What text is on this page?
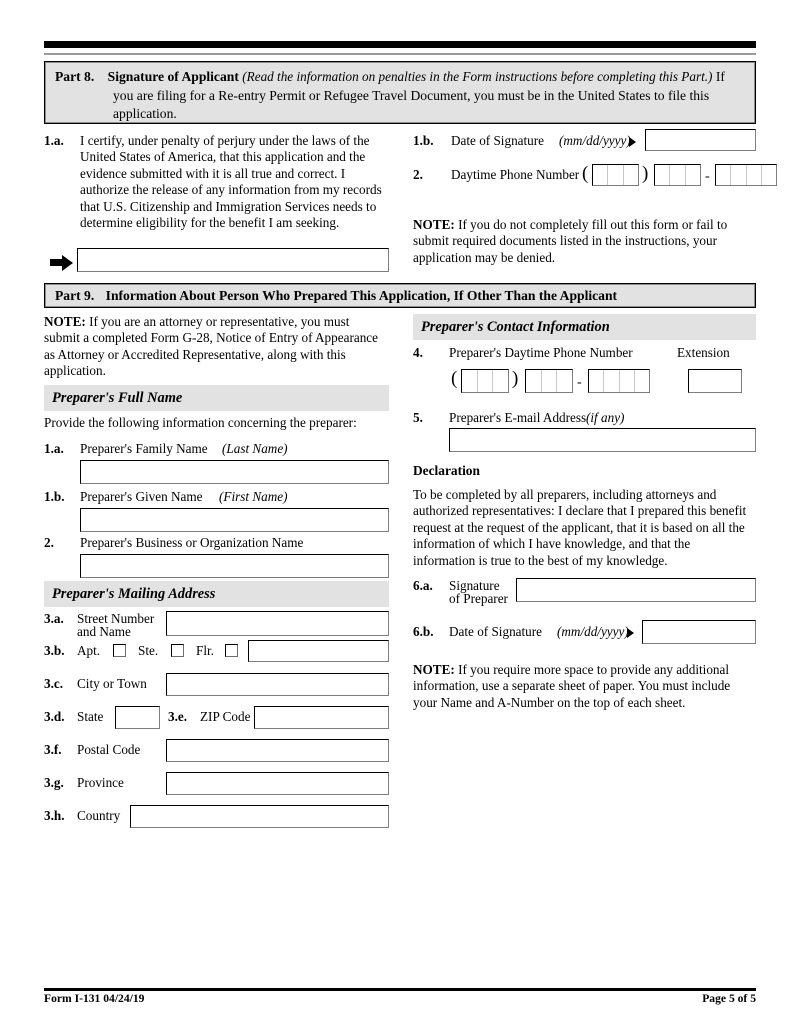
Part 8. Signature of Applicant (Read the information on penalties in the Form instructions before completing this Part.) If you are filing for a Re-entry Permit or Refugee Travel Document, you must be in the United States to file this application.
1.a.	I certify, under penalty of perjury under the laws of the United States of America, that this application and the evidence submitted with it is all true and correct. I authorize the release of any information from my records that U.S. Citizenship and Immigration Services needs to determine eligibility for the benefit I am seeking.
1.b.	Date of Signature (mm/dd/yyyy)
2.	Daytime Phone Number (	)	-
NOTE: If you do not completely fill out this form or fail to submit required documents listed in the instructions, your application may be denied.
Part 9. Information About Person Who Prepared This Application, If Other Than the Applicant
NOTE: If you are an attorney or representative, you must submit a completed Form G-28, Notice of Entry of Appearance as Attorney or Accredited Representative, along with this application.
Preparer's Full Name
Provide the following information concerning the preparer:
1.a.	Preparer's Family Name (Last Name)
1.b.	Preparer's Given Name (First Name)
2.	Preparer's Business or Organization Name
Preparer's Mailing Address
3.a.	Street Number
and Name
3.b. Apt.	Ste.	Flr.
3.c.	City or Town
3.d. State	3.e. ZIP Code
3.f.	Postal Code
3.g.	Province
3.h. Country
Preparer's Contact Information
4.	Preparer's Daytime Phone Number	Extension
(	)	-
5.	Preparer's E-mail Address (if any)
Declaration
To be completed by all preparers, including attorneys and authorized representatives: I declare that I prepared this benefit request at the request of the applicant, that it is based on all the information of which I have knowledge, and that the information is true to the best of my knowledge.
6.a.	Signature
of Preparer
6.b.	Date of Signature (mm/dd/yyyy)
NOTE: If you require more space to provide any additional information, use a separate sheet of paper. You must include your Name and A-Number on the top of each sheet.
Form I-131 04/24/19	Page 5 of 5
